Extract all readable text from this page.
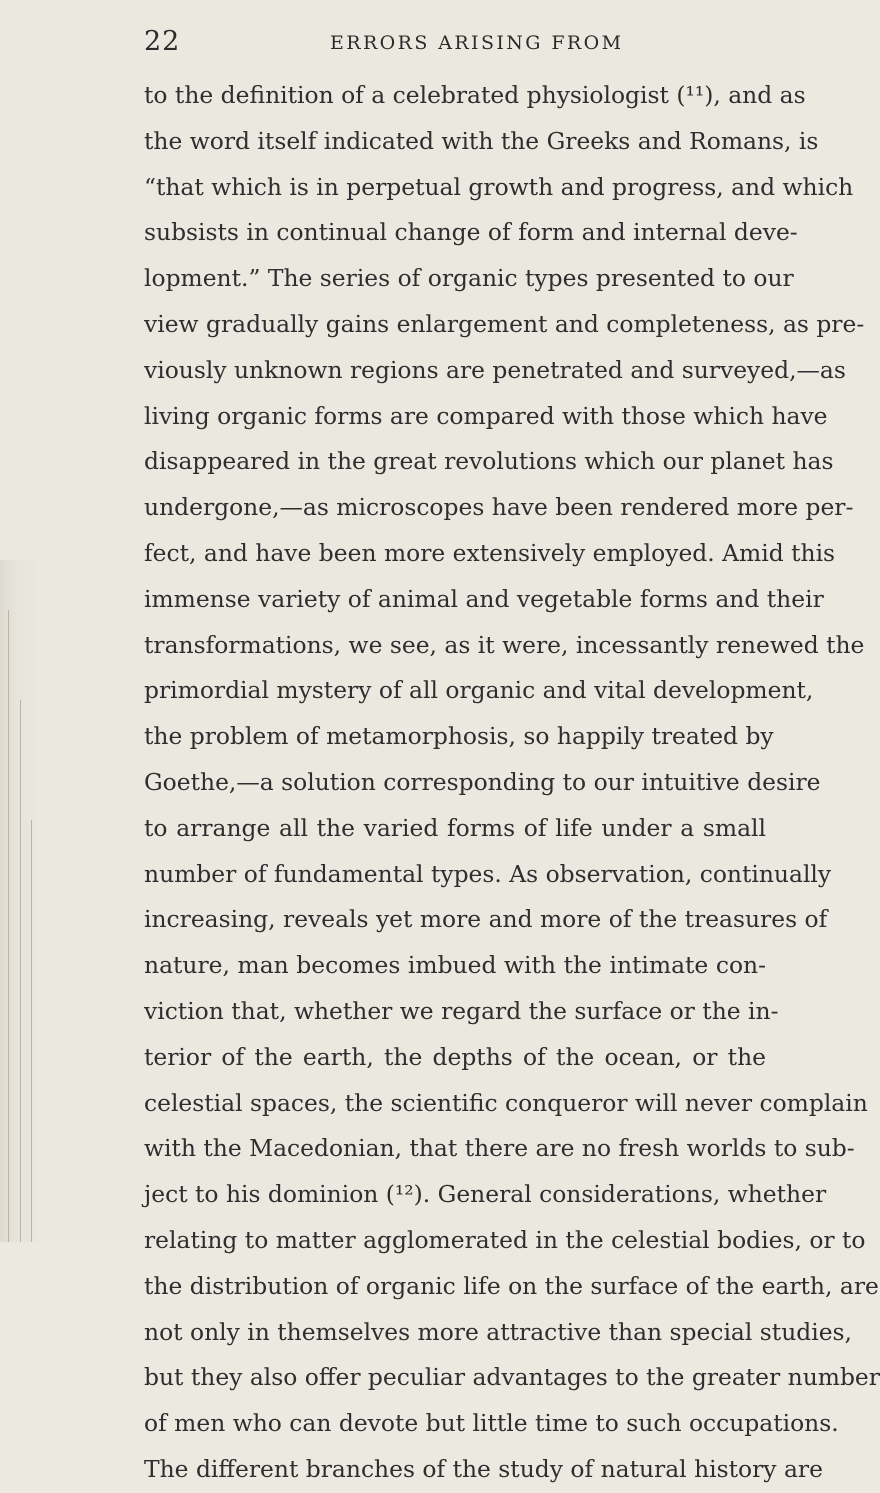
22	ERRORS ARISING FROM
to the definition of a celebrated physiologist (¹¹), and as
the word itself indicated with the Greeks and Romans, is
“that which is in perpetual growth and progress, and which
subsists in continual change of form and internal deve-
lopment.” The series of organic types presented to our
view gradually gains enlargement and completeness, as pre-
viously unknown regions are penetrated and surveyed,—as
living organic forms are compared with those which have
disappeared in the great revolutions which our planet has
undergone,—as microscopes have been rendered more per-
fect, and have been more extensively employed. Amid this
immense variety of animal and vegetable forms and their
transformations, we see, as it were, incessantly renewed the
primordial mystery of all organic and vital development,
the problem of metamorphosis, so happily treated by
Goethe,—a solution corresponding to our intuitive desire
to arrange all the varied forms of life under a small
number of fundamental types. As observation, continually
increasing, reveals yet more and more of the treasures of
nature, man becomes imbued with the intimate con-
viction that, whether we regard the surface or the in-
terior of the earth, the depths of the ocean, or the
celestial spaces, the scientific conqueror will never complain
with the Macedonian, that there are no fresh worlds to sub-
ject to his dominion (¹²). General considerations, whether
relating to matter agglomerated in the celestial bodies, or to
the distribution of organic life on the surface of the earth, are
not only in themselves more attractive than special studies,
but they also offer peculiar advantages to the greater number
of men who can devote but little time to such occupations.
The different branches of the study of natural history are
